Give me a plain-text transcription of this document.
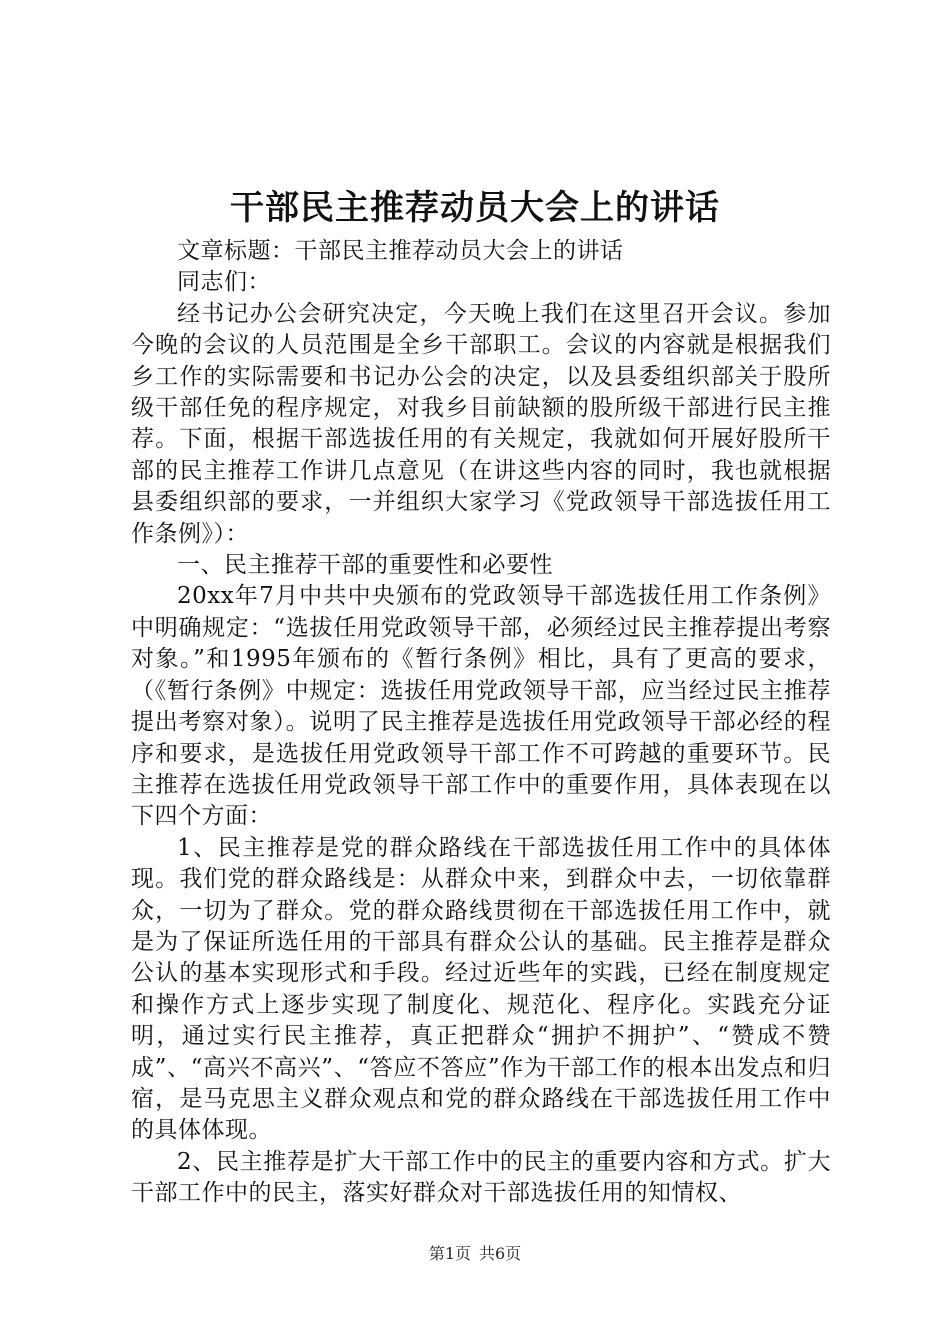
干部民主推荐动员大会上的讲话

文章标题：干部民主推荐动员大会上的讲话

同志们：

经书记办公会研究决定，今天晚上我们在这里召开会议。参加今晚的会议的人员范围是全乡干部职工。会议的内容就是根据我们乡工作的实际需要和书记办公会的决定，以及县委组织部关于股所级干部任免的程序规定，对我乡目前缺额的股所级干部进行民主推荐。下面，根据干部选拔任用的有关规定，我就如何开展好股所干部的民主推荐工作讲几点意见（在讲这些内容的同时，我也就根据县委组织部的要求，一并组织大家学习《党政领导干部选拔任用工作条例》）：

一、民主推荐干部的重要性和必要性

20xx年7月中共中央颁布的党政领导干部选拔任用工作条例》中明确规定：“选拔任用党政领导干部，必须经过民主推荐提出考察对象。”和1995年颁布的《暂行条例》相比，具有了更高的要求，（《暂行条例》中规定：选拔任用党政领导干部，应当经过民主推荐提出考察对象）。说明了民主推荐是选拔任用党政领导干部必经的程序和要求，是选拔任用党政领导干部工作不可跨越的重要环节。民主推荐在选拔任用党政领导干部工作中的重要作用，具体表现在以下四个方面：

1、民主推荐是党的群众路线在干部选拔任用工作中的具体体现。我们党的群众路线是：从群众中来，到群众中去，一切依靠群众，一切为了群众。党的群众路线贯彻在干部选拔任用工作中，就是为了保证所选任用的干部具有群众公认的基础。民主推荐是群众公认的基本实现形式和手段。经过近些年的实践，已经在制度规定和操作方式上逐步实现了制度化、规范化、程序化。实践充分证明，通过实行民主推荐，真正把群众“拥护不拥护”、“赞成不赞成”、“高兴不高兴”、“答应不答应”作为干部工作的根本出发点和归宿，是马克思主义群众观点和党的群众路线在干部选拔任用工作中的具体体现。

2、民主推荐是扩大干部工作中的民主的重要内容和方式。扩大干部工作中的民主，落实好群众对干部选拔任用的知情权、

第1页 共6页
